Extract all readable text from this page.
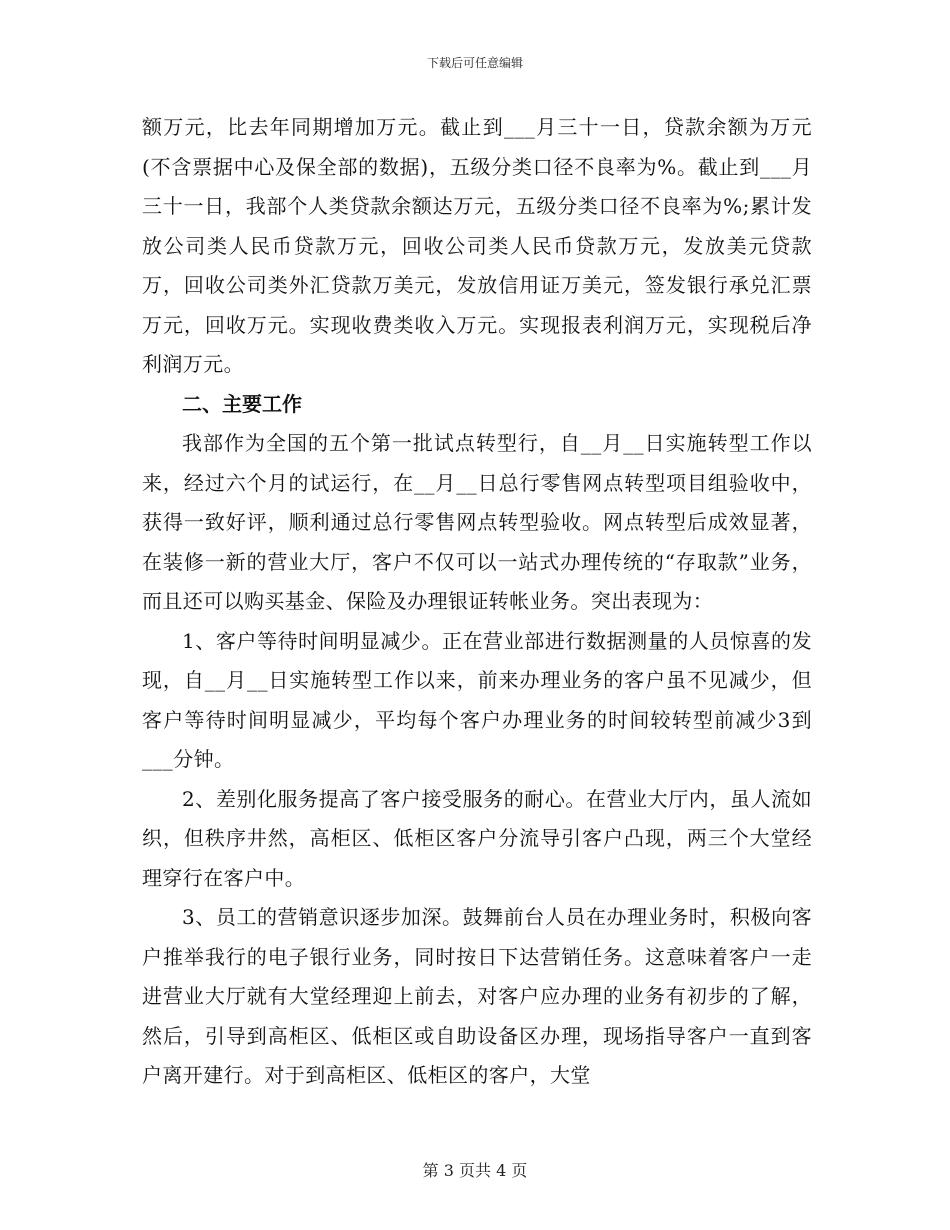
下载后可任意编辑

额万元，比去年同期增加万元。截止到___月三十一日，贷款余额为万元(不含票据中心及保全部的数据)，五级分类口径不良率为%。截止到___月三十一日，我部个人类贷款余额达万元，五级分类口径不良率为%;累计发放公司类人民币贷款万元，回收公司类人民币贷款万元，发放美元贷款万，回收公司类外汇贷款万美元，发放信用证万美元，签发银行承兑汇票万元，回收万元。实现收费类收入万元。实现报表利润万元，实现税后净利润万元。

二、主要工作

我部作为全国的五个第一批试点转型行，自__月__日实施转型工作以来，经过六个月的试运行，在__月__日总行零售网点转型项目组验收中，获得一致好评，顺利通过总行零售网点转型验收。网点转型后成效显著，在装修一新的营业大厅，客户不仅可以一站式办理传统的“存取款”业务，而且还可以购买基金、保险及办理银证转帐业务。突出表现为：

1、客户等待时间明显减少。正在营业部进行数据测量的人员惊喜的发现，自__月__日实施转型工作以来，前来办理业务的客户虽不见减少，但客户等待时间明显减少，平均每个客户办理业务的时间较转型前减少3到___分钟。

2、差别化服务提高了客户接受服务的耐心。在营业大厅内，虽人流如织，但秩序井然，高柜区、低柜区客户分流导引客户凸现，两三个大堂经理穿行在客户中。

3、员工的营销意识逐步加深。鼓舞前台人员在办理业务时，积极向客户推举我行的电子银行业务，同时按日下达营销任务。这意味着客户一走进营业大厅就有大堂经理迎上前去，对客户应办理的业务有初步的了解，然后，引导到高柜区、低柜区或自助设备区办理，现场指导客户一直到客户离开建行。对于到高柜区、低柜区的客户，大堂

第 3 页共 4 页
